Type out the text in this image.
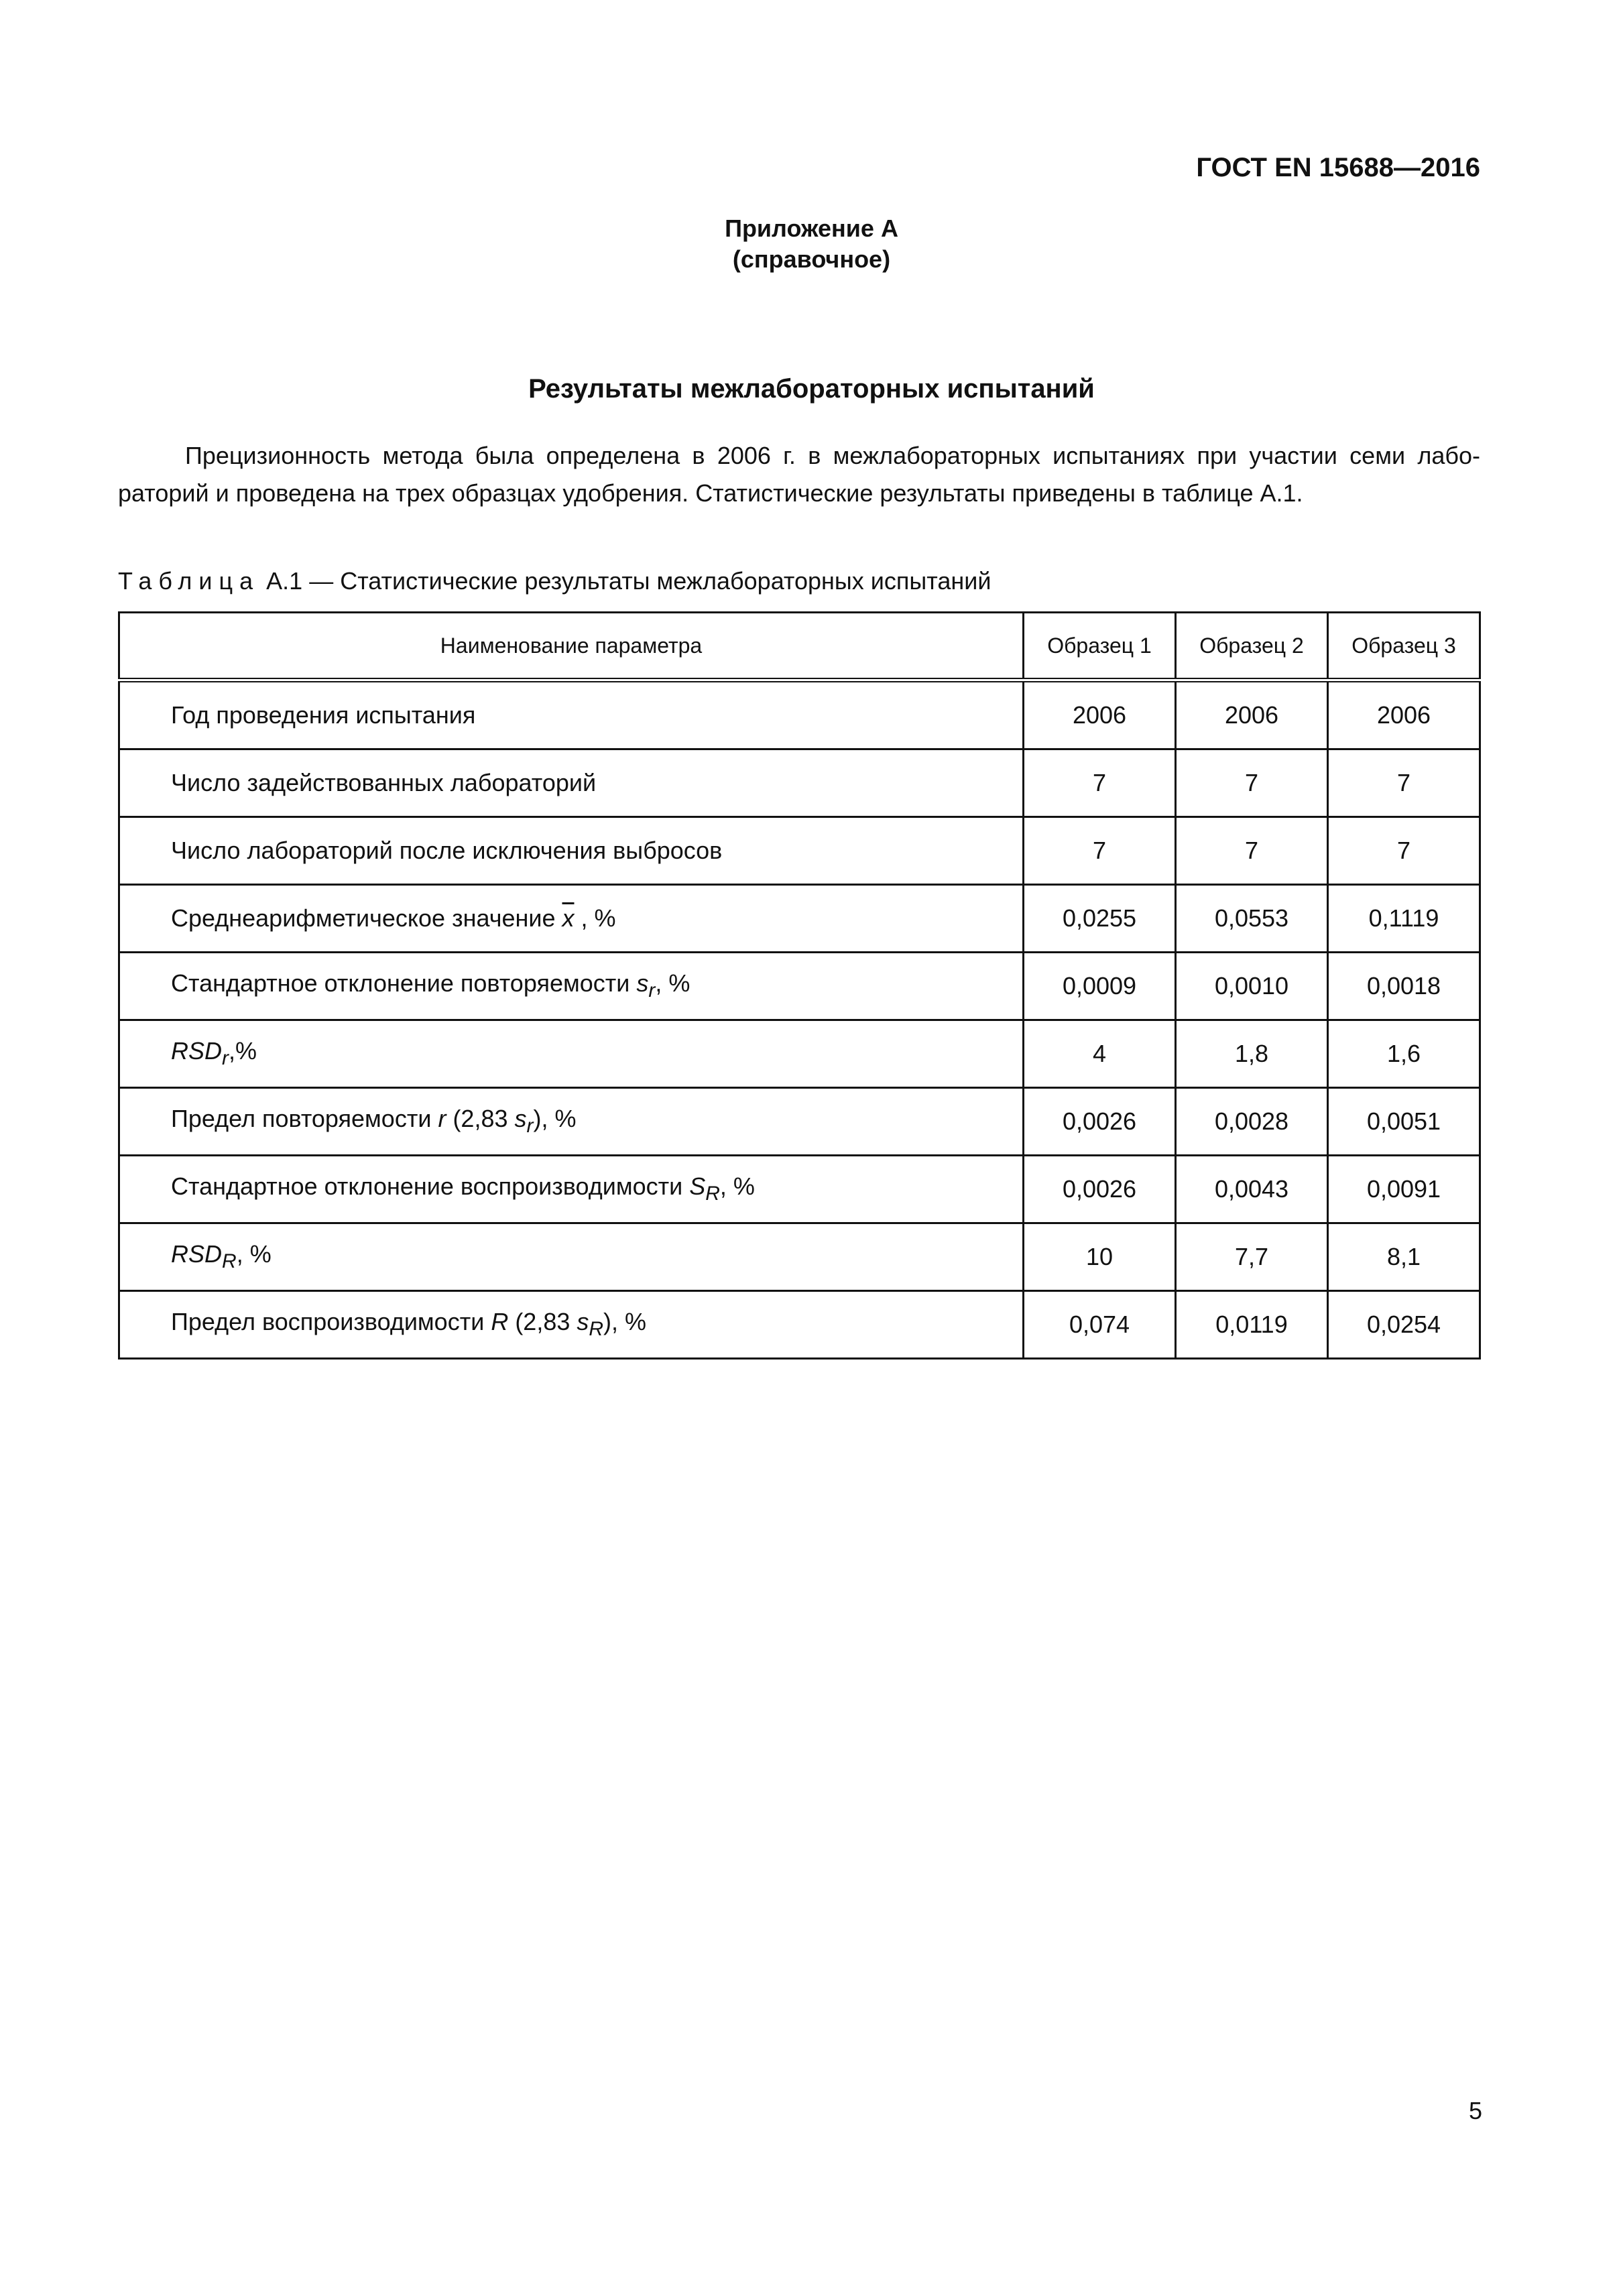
ГОСТ EN 15688—2016
Приложение А
(справочное)
Результаты межлабораторных испытаний
Прецизионность метода была определена в 2006 г. в межлабораторных испытаниях при участии семи лабо-
раторий и проведена на трех образцах удобрения. Статистические результаты приведены в таблице А.1.
Таблица А.1 — Статистические результаты межлабораторных испытаний
Наименование параметра	Образец 1	Образец 2	Образец 3
Год проведения испытания	2006	2006	2006
Число задействованных лабораторий	7	7	7
Число лабораторий после исключения выбросов	7	7	7
Среднеарифметическое значение $\overline{x}$ , %	0,0255	0,0553	0,1119
Стандартное отклонение повторяемости $s_r$, %	0,0009	0,0010	0,0018
$RSD_r,\%$	4	1,8	1,6
Предел повторяемости r (2,83 $s_r$), %	0,0026	0,0028	0,0051
Стандартное отклонение воспроизводимости $S_R$, %	0,0026	0,0043	0,0091
$RSD_R$, %	10	7,7	8,1
Предел воспроизводимости R (2,83 $s_R$), %	0,074	0,0119	0,0254
5
